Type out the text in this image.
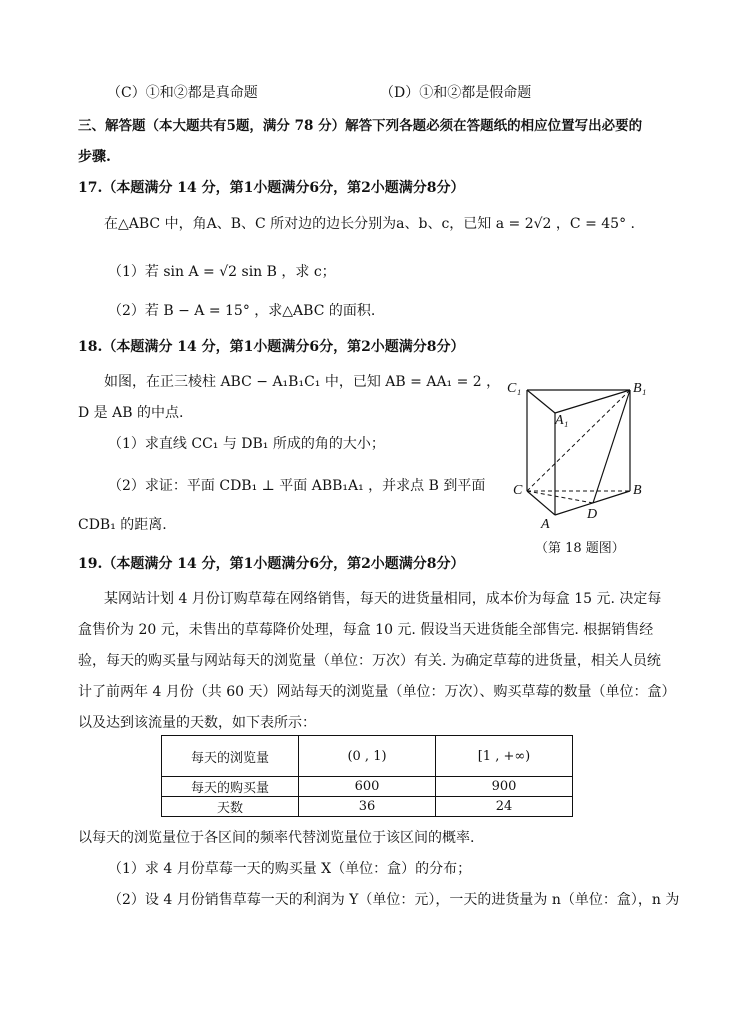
（C）①和②都是真命题	（D）①和②都是假命题
三、解答题（本大题共有5题，满分 78 分）解答下列各题必须在答题纸的相应位置写出必要的
步骤.
17.（本题满分 14 分，第1小题满分6分，第2小题满分8分）
在△ABC 中，角A、B、C 所对边的边长分别为a、b、c，已知 a = 2√2 ，C = 45° .
（1）若 sin A = √2 sin B ，求 c；
（2）若 B − A = 15° ，求△ABC 的面积.
18.（本题满分 14 分，第1小题满分6分，第2小题满分8分）
如图，在正三棱柱 ABC − A₁B₁C₁ 中，已知 AB = AA₁ = 2 ，
D 是 AB 的中点.
（1）求直线 CC₁ 与 DB₁ 所成的角的大小；
（2）求证：平面 CDB₁ ⊥ 平面 ABB₁A₁ ，并求点 B 到平面
CDB₁ 的距离.
C₁	B₁
A₁
C	B
A
D
（第 18 题图）
19.（本题满分 14 分，第1小题满分6分，第2小题满分8分）
某网站计划 4 月份订购草莓在网络销售，每天的进货量相同，成本价为每盒 15 元. 决定每
盒售价为 20 元，未售出的草莓降价处理，每盒 10 元. 假设当天进货能全部售完. 根据销售经
验，每天的购买量与网站每天的浏览量（单位：万次）有关. 为确定草莓的进货量，相关人员统
计了前两年 4 月份（共 60 天）网站每天的浏览量（单位：万次）、购买草莓的数量（单位：盒）
以及达到该流量的天数，如下表所示：
每天的浏览量	(0 , 1)	[1 , +∞)
每天的购买量	600	900
天数	36	24
以每天的浏览量位于各区间的频率代替浏览量位于该区间的概率.
（1）求 4 月份草莓一天的购买量 X（单位：盒）的分布；
（2）设 4 月份销售草莓一天的利润为 Y（单位：元），一天的进货量为 n（单位：盒），n 为
